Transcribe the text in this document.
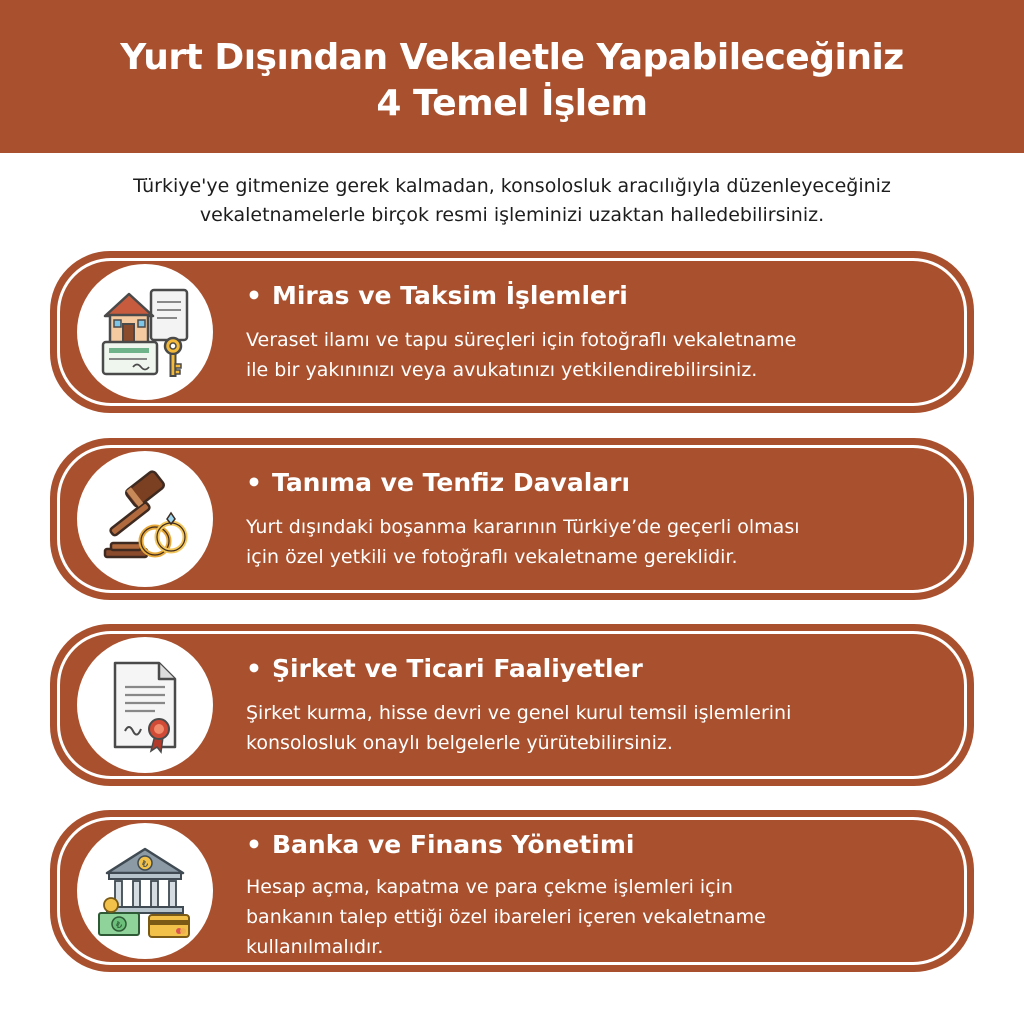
Yurt Dışından Vekaletle Yapabileceğiniz
4 Temel İşlem
Türkiye'ye gitmenize gerek kalmadan, konsolosluk aracılığıyla düzenleyeceğiniz
vekaletnamelerle birçok resmi işleminizi uzaktan halledebilirsiniz.
• Miras ve Taksim İşlemleri
Veraset ilamı ve tapu süreçleri için fotoğraflı vekaletname
ile bir yakınınızı veya avukatınızı yetkilendirebilirsiniz.
• Tanıma ve Tenfiz Davaları
Yurt dışındaki boşanma kararının Türkiye’de geçerli olması
için özel yetkili ve fotoğraflı vekaletname gereklidir.
• Şirket ve Ticari Faaliyetler
Şirket kurma, hisse devri ve genel kurul temsil işlemlerini
konsolosluk onaylı belgelerle yürütebilirsiniz.
₺
₺
• Banka ve Finans Yönetimi
Hesap açma, kapatma ve para çekme işlemleri için
bankanın talep ettiği özel ibareleri içeren vekaletname
kullanılmalıdır.
